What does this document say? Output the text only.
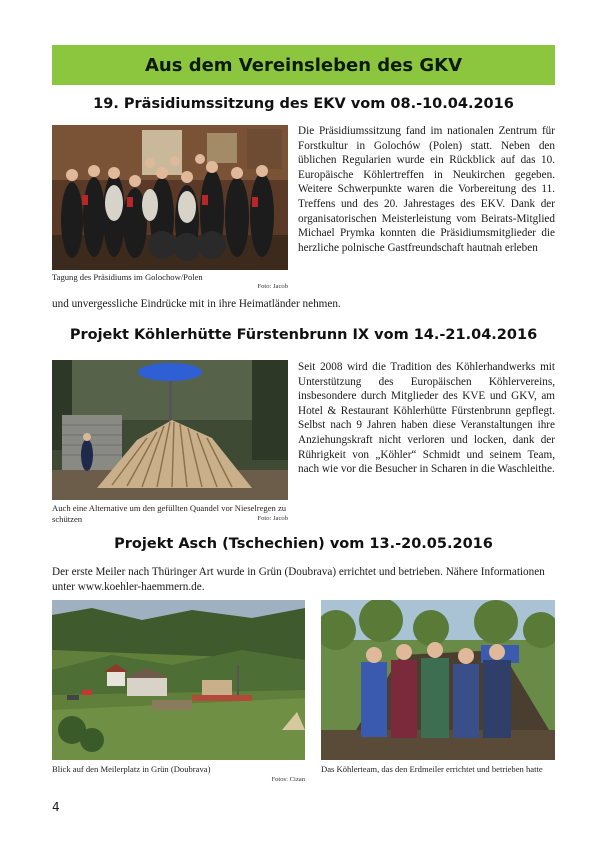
Aus dem Vereinsleben des GKV
19. Präsidiumssitzung des EKV vom 08.-10.04.2016
Tagung des Präsidiums im Golochow/Polen
Foto: Jacob
Die Präsidiumssitzung fand im nationalen Zentrum für Forstkultur in Golochów (Polen) statt. Neben den üblichen Regularien wurde ein Rückblick auf das 10. Europäische Köhlertreffen in Neukirchen gegeben. Weitere Schwerpunkte waren die Vorbereitung des 11. Treffens und des 20. Jahrestages des EKV. Dank der organisatorischen Meisterleistung vom Beirats-Mitglied Michael Prymka konnten die Präsidiumsmitglieder die herzliche polnische Gastfreundschaft hautnah erleben
und unvergessliche Eindrücke mit in ihre Heimatländer nehmen.
Projekt Köhlerhütte Fürstenbrunn IX vom 14.-21.04.2016
Auch eine Alternative um den gefüllten Quandel vor Nieselregen zu schützen	Foto: Jacob
Seit 2008 wird die Tradition des Köhlerhandwerks mit Unterstützung des Europäischen Köhlervereins, insbesondere durch Mitglieder des KVE und GKV, am Hotel & Restaurant Köhlerhütte Fürstenbrunn gepflegt. Selbst nach 9 Jahren haben diese Veranstaltungen ihre Anziehungskraft nicht verloren und locken, dank der Rührigkeit von „Köhler“ Schmidt und seinem Team, nach wie vor die Besucher in Scharen in die Waschleithe.
Projekt Asch (Tschechien) vom 13.-20.05.2016
Der erste Meiler nach Thüringer Art wurde in Grün (Doubrava) errichtet und betrieben. Nähere Informationen unter www.koehler-haemmern.de.
Blick auf den Meilerplatz in Grün (Doubrava)
Fotos: Cizan
Das Köhlerteam, das den Erdmeiler errichtet und betrieben hatte
4
